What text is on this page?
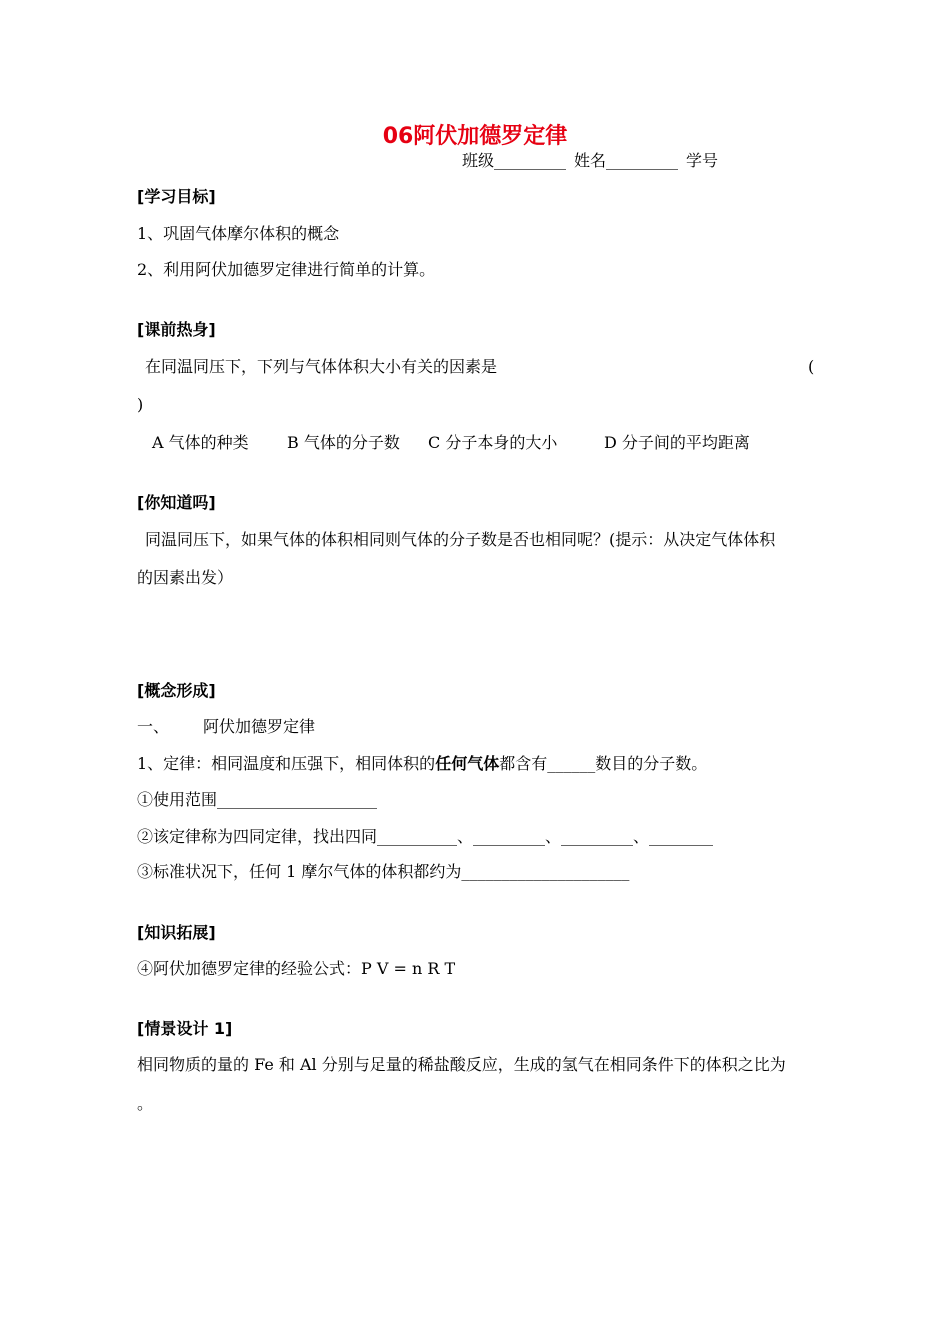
06阿伏加德罗定律
班级_________ 姓名_________ 学号
[学习目标]
1、巩固气体摩尔体积的概念
2、利用阿伏加德罗定律进行简单的计算。
[课前热身]
在同温同压下，下列与气体体积大小有关的因素是	(
)
A 气体的种类 B 气体的分子数 C 分子本身的大小	D 分子间的平均距离
[你知道吗]
同温同压下，如果气体的体积相同则气体的分子数是否也相同呢？(提示：从决定气体体积
的因素出发）
[概念形成]
一、 阿伏加德罗定律
1、定律：相同温度和压强下，相同体积的任何气体都含有______数目的分子数。
①使用范围____________________
②该定律称为四同定律，找出四同__________、_________、_________、________
③标准状况下，任何 1 摩尔气体的体积都约为_____________________
[知识拓展]
④阿伏加德罗定律的经验公式：P V = n R T
[情景设计 1]
相同物质的量的 Fe 和 Al 分别与足量的稀盐酸反应，生成的氢气在相同条件下的体积之比为
。
